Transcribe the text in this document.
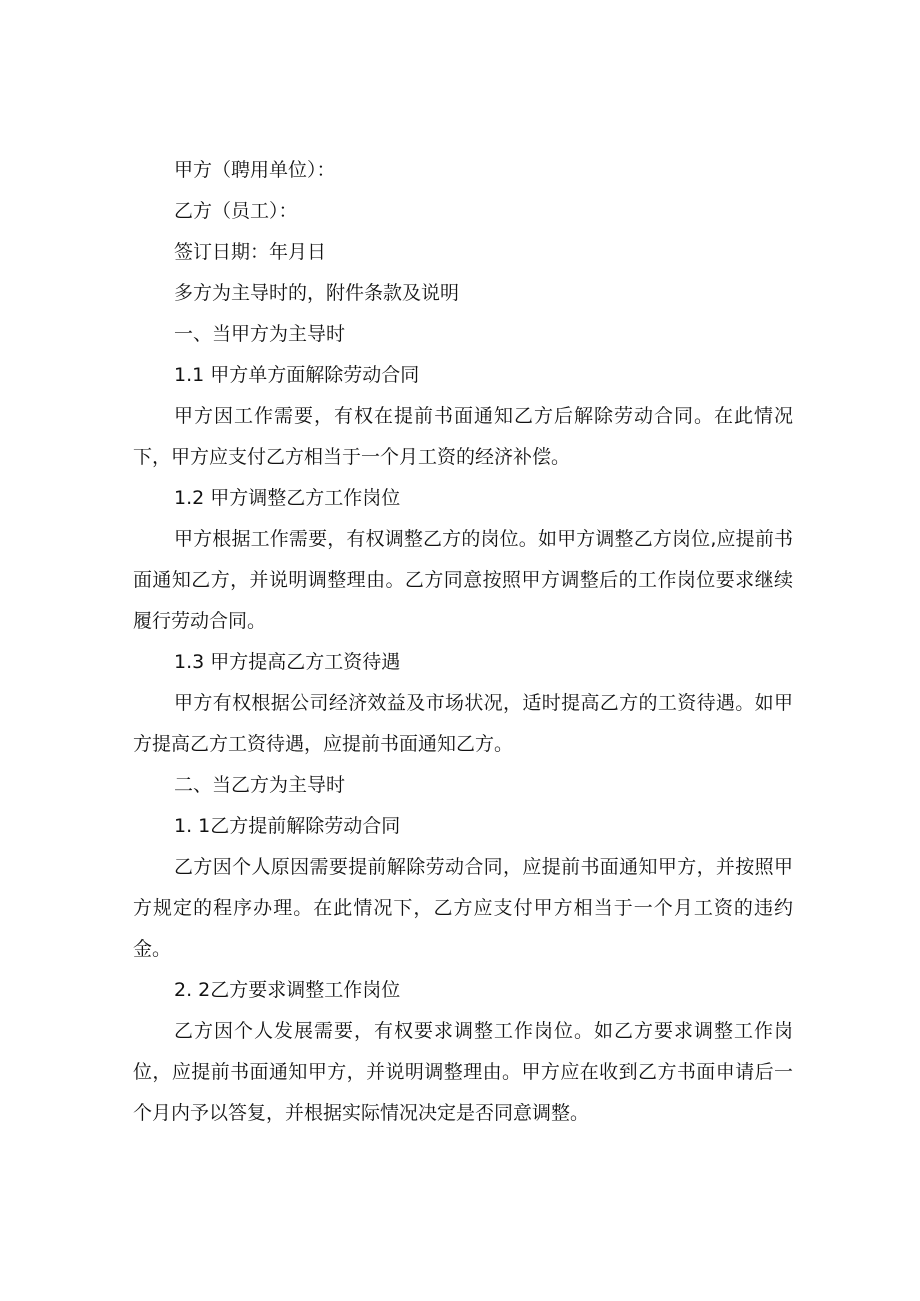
甲方（聘用单位）：

乙方（员工）：

签订日期：年月日

多方为主导时的，附件条款及说明

一、当甲方为主导时

1.1 甲方单方面解除劳动合同

甲方因工作需要，有权在提前书面通知乙方后解除劳动合同。在此情况下，甲方应支付乙方相当于一个月工资的经济补偿。

1.2 甲方调整乙方工作岗位

甲方根据工作需要，有权调整乙方的岗位。如甲方调整乙方岗位,应提前书面通知乙方，并说明调整理由。乙方同意按照甲方调整后的工作岗位要求继续履行劳动合同。

1.3 甲方提高乙方工资待遇

甲方有权根据公司经济效益及市场状况，适时提高乙方的工资待遇。如甲方提高乙方工资待遇，应提前书面通知乙方。

二、当乙方为主导时

1. 1乙方提前解除劳动合同

乙方因个人原因需要提前解除劳动合同，应提前书面通知甲方，并按照甲方规定的程序办理。在此情况下，乙方应支付甲方相当于一个月工资的违约金。

2. 2乙方要求调整工作岗位

乙方因个人发展需要，有权要求调整工作岗位。如乙方要求调整工作岗位，应提前书面通知甲方，并说明调整理由。甲方应在收到乙方书面申请后一个月内予以答复，并根据实际情况决定是否同意调整。
